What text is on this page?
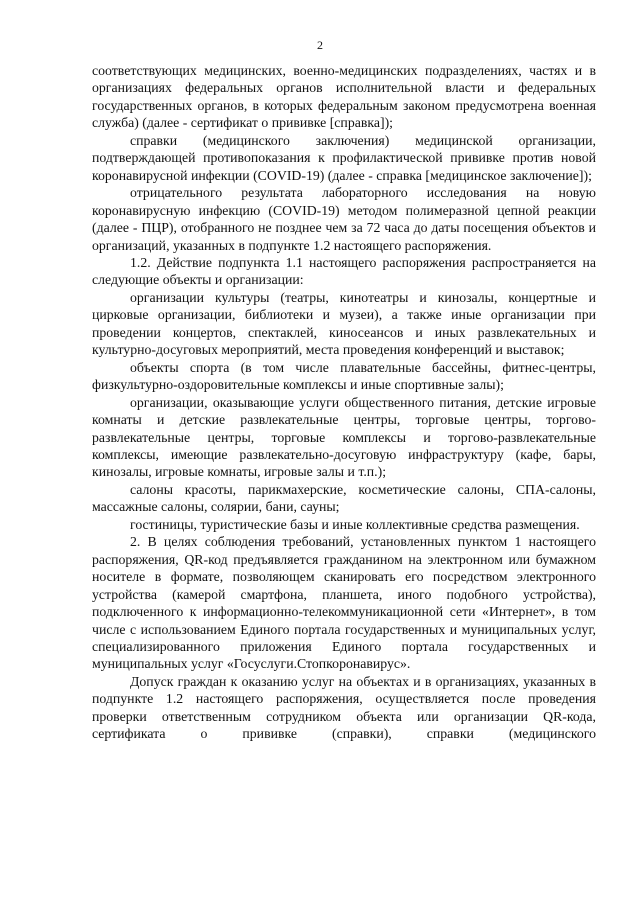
2

соответствующих медицинских, военно-медицинских подразделениях, частях и в организациях федеральных органов исполнительной власти и федеральных государственных органов, в которых федеральным законом предусмотрена военная служба) (далее - сертификат о прививке [справка]);

справки (медицинского заключения) медицинской организации, подтверждающей противопоказания к профилактической прививке против новой коронавирусной инфекции (COVID-19) (далее - справка [медицинское заключение]);

отрицательного результата лабораторного исследования на новую коронавирусную инфекцию (COVID-19) методом полимеразной цепной реакции (далее - ПЦР), отобранного не позднее чем за 72 часа до даты посещения объектов и организаций, указанных в подпункте 1.2 настоящего распоряжения.

1.2. Действие подпункта 1.1 настоящего распоряжения распространяется на следующие объекты и организации:

организации культуры (театры, кинотеатры и кинозалы, концертные и цирковые организации, библиотеки и музеи), а также иные организации при проведении концертов, спектаклей, киносеансов и иных развлекательных и культурно-досуговых мероприятий, места проведения конференций и выставок;

объекты спорта (в том числе плавательные бассейны, фитнес-центры, физкультурно-оздоровительные комплексы и иные спортивные залы);

организации, оказывающие услуги общественного питания, детские игровые комнаты и детские развлекательные центры, торговые центры, торгово-развлекательные центры, торговые комплексы и торгово-развлекательные комплексы, имеющие развлекательно-досуговую инфраструктуру (кафе, бары, кинозалы, игровые комнаты, игровые залы и т.п.);

салоны красоты, парикмахерские, косметические салоны, СПА-салоны, массажные салоны, солярии, бани, сауны;

гостиницы, туристические базы и иные коллективные средства размещения.

2. В целях соблюдения требований, установленных пунктом 1 настоящего распоряжения, QR-код предъявляется гражданином на электронном или бумажном носителе в формате, позволяющем сканировать его посредством электронного устройства (камерой смартфона, планшета, иного подобного устройства), подключенного к информационно-телекоммуникационной сети «Интернет», в том числе с использованием Единого портала государственных и муниципальных услуг, специализированного приложения Единого портала государственных и муниципальных услуг «Госуслуги.Стопкоронавирус».

Допуск граждан к оказанию услуг на объектах и в организациях, указанных в подпункте 1.2 настоящего распоряжения, осуществляется после проведения проверки ответственным сотрудником объекта или организации QR-кода, сертификата о прививке (справки), справки (медицинского
